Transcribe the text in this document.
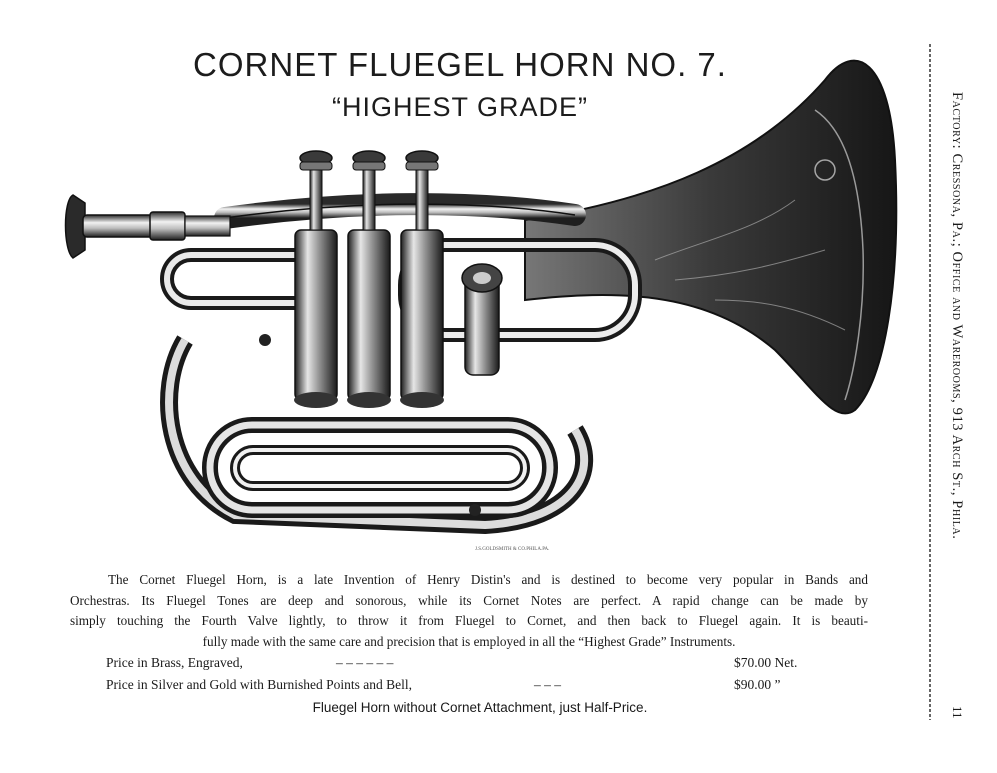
CORNET FLUEGEL HORN NO. 7.
“HIGHEST GRADE”
J.S.GOLDSMITH & CO.PHILA.PA.

The Cornet Fluegel Horn, is a late Invention of Henry Distin's and is destined to become very popular in Bands and
Orchestras. Its Fluegel Tones are deep and sonorous, while its Cornet Notes are perfect. A rapid change can be made by
simply touching the Fourth Valve lightly, to throw it from Fluegel to Cornet, and then back to Fluegel again. It is beauti-
fully made with the same care and precision that is employed in all the “Highest Grade” Instruments.

Price in Brass, Engraved,	– – – – – –	$70.00 Net.
Price in Silver and Gold with Burnished Points and Bell,	– – –	$90.00 ”
Fluegel Horn without Cornet Attachment, just Half-Price.
Factory: Cressona, Pa.; Office and Warerooms, 913 Arch St., Phila.
11
